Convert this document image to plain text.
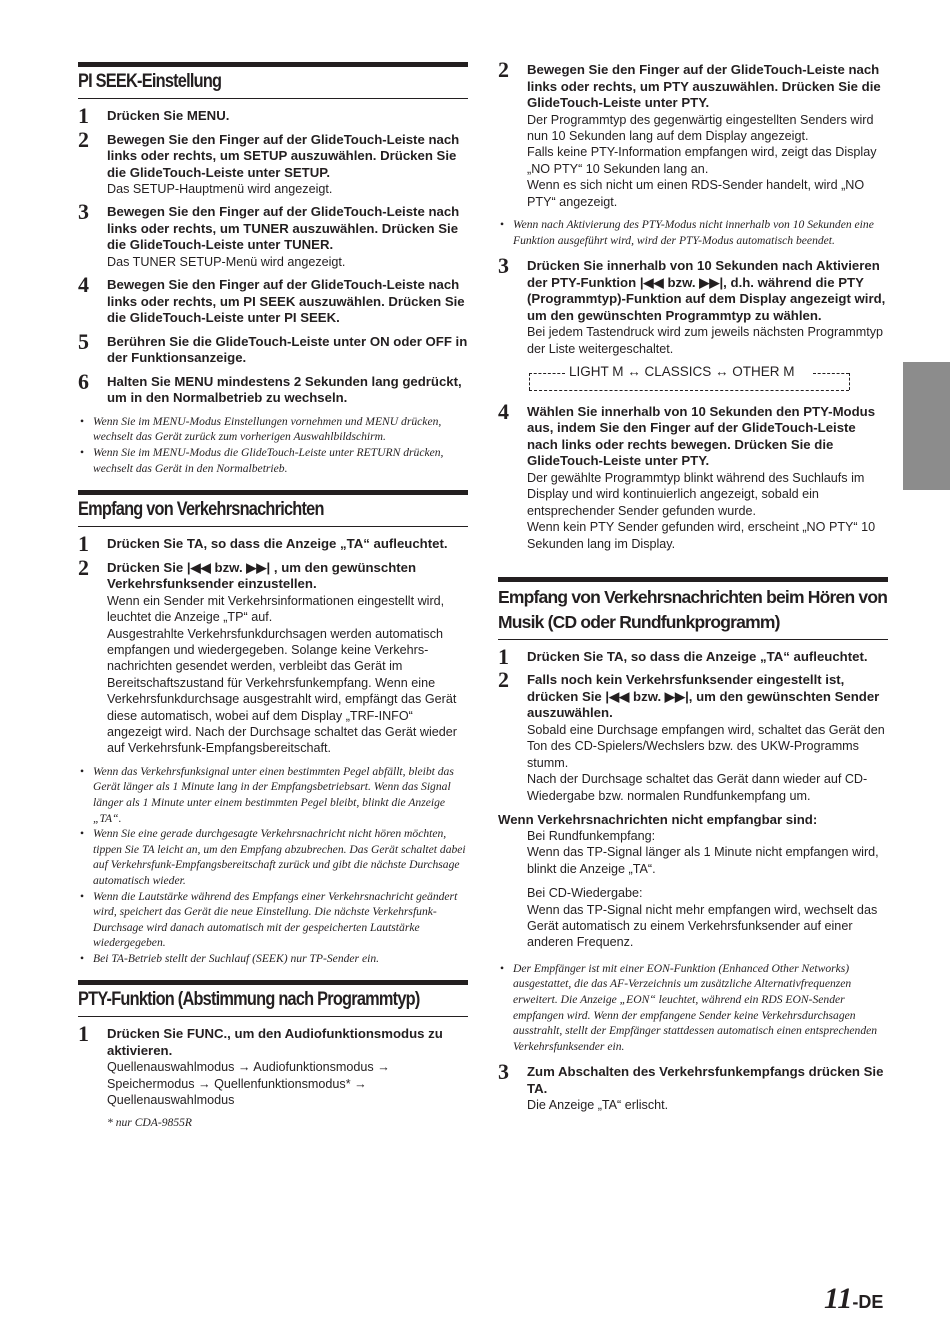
PI SEEK-Einstellung
1 Drücken Sie MENU.
2 Bewegen Sie den Finger auf der GlideTouch-Leiste nach links oder rechts, um SETUP auszuwählen. Drücken Sie die GlideTouch-Leiste unter SETUP.

Das SETUP-Hauptmenü wird angezeigt.

3 Bewegen Sie den Finger auf der GlideTouch-Leiste nach links oder rechts, um TUNER auszuwählen. Drücken Sie die GlideTouch-Leiste unter TUNER.

Das TUNER SETUP-Menü wird angezeigt.

4 Bewegen Sie den Finger auf der GlideTouch-Leiste nach links oder rechts, um PI SEEK auszuwählen. Drücken Sie die GlideTouch-Leiste unter PI SEEK.
5 Berühren Sie die GlideTouch-Leiste unter ON oder OFF in der Funktionsanzeige.
6 Halten Sie MENU mindestens 2 Sekunden lang gedrückt, um in den Normalbetrieb zu wechseln.
• Wenn Sie im MENU-Modus Einstellungen vornehmen und MENU drücken, wechselt das Gerät zurück zum vorherigen Auswahlbildschirm.
• Wenn Sie im MENU-Modus die GlideTouch-Leiste unter RETURN drücken, wechselt das Gerät in den Normalbetrieb.
Empfang von Verkehrsnachrichten
1 Drücken Sie TA, so dass die Anzeige „TA“ aufleuchtet.
2 Drücken Sie |◀◀ bzw. ▶▶| , um den gewünschten Verkehrsfunksender einzustellen.

Wenn ein Sender mit Verkehrsinformationen eingestellt wird, leuchtet die Anzeige „TP“ auf.

Ausgestrahlte Verkehrsfunkdurchsagen werden automatisch empfangen und wiedergegeben. Solange keine Verkehrs-nachrichten gesendet werden, verbleibt das Gerät im Bereitschaftszustand für Verkehrsfunkempfang. Wenn eine Verkehrsfunkdurchsage ausgestrahlt wird, empfängt das Gerät diese automatisch, wobei auf dem Display „TRF-INFO“ angezeigt wird. Nach der Durchsage schaltet das Gerät wieder auf Verkehrsfunk-Empfangsbereitschaft.

• Wenn das Verkehrsfunksignal unter einen bestimmten Pegel abfällt, bleibt das Gerät länger als 1 Minute lang in der Empfangsbetriebsart. Wenn das Signal länger als 1 Minute unter einem bestimmten Pegel bleibt, blinkt die Anzeige „TA“.
• Wenn Sie eine gerade durchgesagte Verkehrsnachricht nicht hören möchten, tippen Sie TA leicht an, um den Empfang abzubrechen. Das Gerät schaltet dabei auf Verkehrsfunk-Empfangsbereitschaft zurück und gibt die nächste Durchsage automatisch wieder.
• Wenn die Lautstärke während des Empfangs einer Verkehrsnachricht geändert wird, speichert das Gerät die neue Einstellung. Die nächste Verkehrsfunk-Durchsage wird danach automatisch mit der gespeicherten Lautstärke wiedergegeben.
• Bei TA-Betrieb stellt der Suchlauf (SEEK) nur TP-Sender ein.
PTY-Funktion (Abstimmung nach Programmtyp)
1 Drücken Sie FUNC., um den Audiofunktionsmodus zu aktivieren.

Quellenauswahlmodus → Audiofunktionsmodus → Speichermodus → Quellenfunktionsmodus* → Quellenauswahlmodus

* nur CDA-9855R
2 Bewegen Sie den Finger auf der GlideTouch-Leiste nach links oder rechts, um PTY auszuwählen. Drücken Sie die GlideTouch-Leiste unter PTY.

Der Programmtyp des gegenwärtig eingestellten Senders wird nun 10 Sekunden lang auf dem Display angezeigt.

Falls keine PTY-Information empfangen wird, zeigt das Display „NO PTY“ 10 Sekunden lang an.

Wenn es sich nicht um einen RDS-Sender handelt, wird „NO PTY“ angezeigt.

• Wenn nach Aktivierung des PTY-Modus nicht innerhalb von 10 Sekunden eine Funktion ausgeführt wird, wird der PTY-Modus automatisch beendet.
3 Drücken Sie innerhalb von 10 Sekunden nach Aktivieren der PTY-Funktion |◀◀ bzw. ▶▶|, d.h. während die PTY (Programmtyp)-Funktion auf dem Display angezeigt wird, um den gewünschten Programmtyp zu wählen.

Bei jedem Tastendruck wird zum jeweils nächsten Programmtyp der Liste weitergeschaltet.

LIGHT M ↔ CLASSICS ↔ OTHER M
4 Wählen Sie innerhalb von 10 Sekunden den PTY-Modus aus, indem Sie den Finger auf der GlideTouch-Leiste nach links oder rechts bewegen. Drücken Sie die GlideTouch-Leiste unter PTY.

Der gewählte Programmtyp blinkt während des Suchlaufs im Display und wird kontinuierlich angezeigt, sobald ein entsprechender Sender gefunden wurde.

Wenn kein PTY Sender gefunden wird, erscheint „NO PTY“ 10 Sekunden lang im Display.

Empfang von Verkehrsnachrichten beim Hören von Musik (CD oder Rundfunkprogramm)
1 Drücken Sie TA, so dass die Anzeige „TA“ aufleuchtet.
2 Falls noch kein Verkehrsfunksender eingestellt ist, drücken Sie |◀◀ bzw. ▶▶|, um den gewünschten Sender auszuwählen.

Sobald eine Durchsage empfangen wird, schaltet das Gerät den Ton des CD-Spielers/Wechslers bzw. des UKW-Programms stumm.

Nach der Durchsage schaltet das Gerät dann wieder auf CD-Wiedergabe bzw. normalen Rundfunkempfang um.

Wenn Verkehrsnachrichten nicht empfangbar sind:
Bei Rundfunkempfang:
Wenn das TP-Signal länger als 1 Minute nicht empfangen wird, blinkt die Anzeige „TA“.
Bei CD-Wiedergabe:
Wenn das TP-Signal nicht mehr empfangen wird, wechselt das Gerät automatisch zu einem Verkehrsfunksender auf einer anderen Frequenz.
• Der Empfänger ist mit einer EON-Funktion (Enhanced Other Networks) ausgestattet, die das AF-Verzeichnis um zusätzliche Alternativfrequenzen erweitert. Die Anzeige „EON“ leuchtet, während ein RDS EON-Sender empfangen wird. Wenn der empfangene Sender keine Verkehrsdurchsagen ausstrahlt, stellt der Empfänger stattdessen automatisch einen entsprechenden Verkehrsfunksender ein.
3 Zum Abschalten des Verkehrsfunkempfangs drücken Sie TA.

Die Anzeige „TA“ erlischt.

11-DE
